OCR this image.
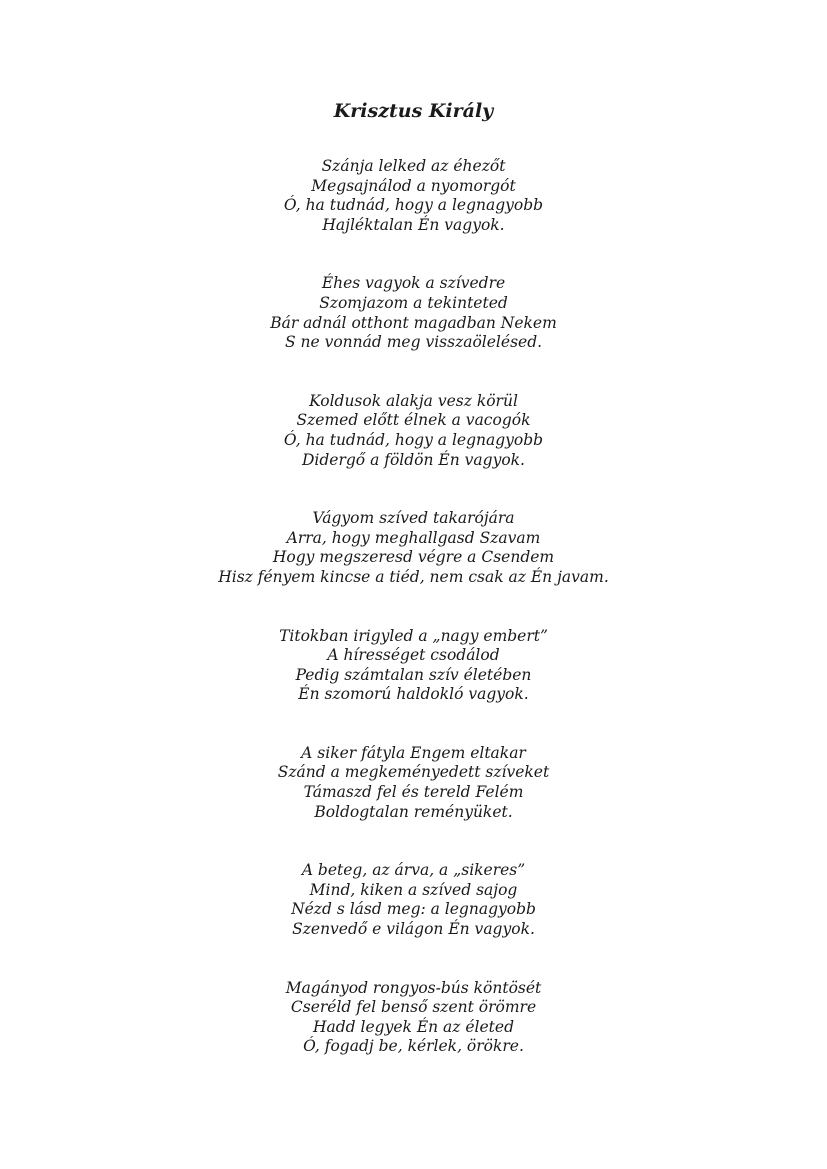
Krisztus Király
Szánja lelked az éhezőt
Megsajnálod a nyomorgót
Ó, ha tudnád, hogy a legnagyobb
Hajléktalan Én vagyok.
Éhes vagyok a szívedre
Szomjazom a tekinteted
Bár adnál otthont magadban Nekem
S ne vonnád meg visszaölelésed.
Koldusok alakja vesz körül
Szemed előtt élnek a vacogók
Ó, ha tudnád, hogy a legnagyobb
Didergő a földön Én vagyok.
Vágyom szíved takarójára
Arra, hogy meghallgasd Szavam
Hogy megszeresd végre a Csendem
Hisz fényem kincse a tiéd, nem csak az Én javam.
Titokban irigyled a „nagy embert”
A hírességet csodálod
Pedig számtalan szív életében
Én szomorú haldokló vagyok.
A siker fátyla Engem eltakar
Szánd a megkeményedett szíveket
Támaszd fel és tereld Felém
Boldogtalan reményüket.
A beteg, az árva, a „sikeres”
Mind, kiken a szíved sajog
Nézd s lásd meg: a legnagyobb
Szenvedő e világon Én vagyok.
Magányod rongyos-bús köntösét
Cseréld fel benső szent örömre
Hadd legyek Én az életed
Ó, fogadj be, kérlek, örökre.
